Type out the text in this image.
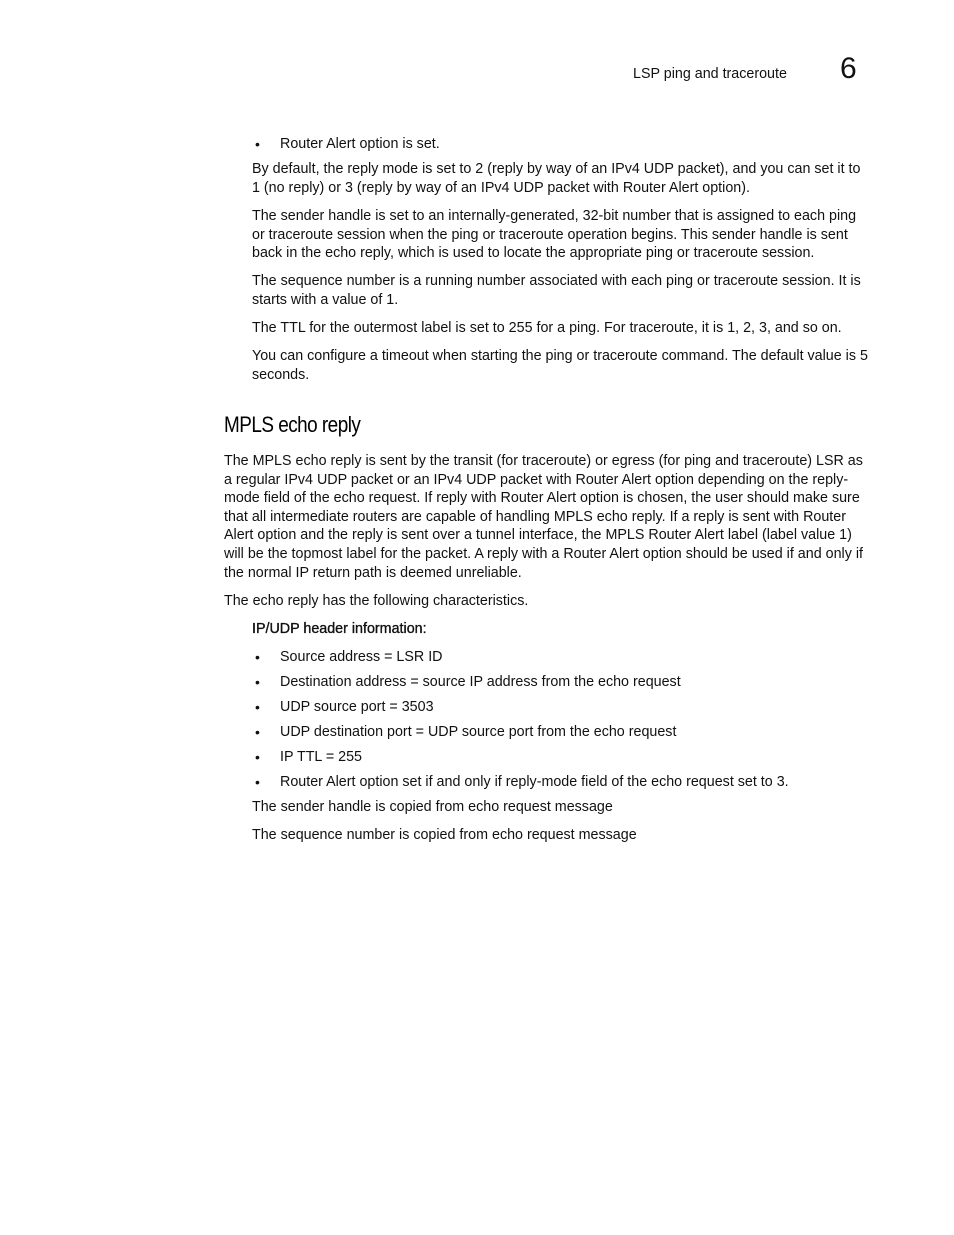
LSP ping and traceroute 6
•	Router Alert option is set.

By default, the reply mode is set to 2 (reply by way of an IPv4 UDP packet), and you can set it to 1 (no reply) or 3 (reply by way of an IPv4 UDP packet with Router Alert option).

The sender handle is set to an internally-generated, 32-bit number that is assigned to each ping or traceroute session when the ping or traceroute operation begins. This sender handle is sent back in the echo reply, which is used to locate the appropriate ping or traceroute session.

The sequence number is a running number associated with each ping or traceroute session. It is starts with a value of 1.

The TTL for the outermost label is set to 255 for a ping. For traceroute, it is 1, 2, 3, and so on.

You can configure a timeout when starting the ping or traceroute command. The default value is 5 seconds.

MPLS echo reply

The MPLS echo reply is sent by the transit (for traceroute) or egress (for ping and traceroute) LSR as a regular IPv4 UDP packet or an IPv4 UDP packet with Router Alert option depending on the reply-mode field of the echo request. If reply with Router Alert option is chosen, the user should make sure that all intermediate routers are capable of handling MPLS echo reply. If a reply is sent with Router Alert option and the reply is sent over a tunnel interface, the MPLS Router Alert label (label value 1) will be the topmost label for the packet. A reply with a Router Alert option should be used if and only if the normal IP return path is deemed unreliable.

The echo reply has the following characteristics.

IP/UDP header information:
•	Source address = LSR ID
•	Destination address = source IP address from the echo request
•	UDP source port = 3503
•	UDP destination port = UDP source port from the echo request
•	IP TTL = 255
•	Router Alert option set if and only if reply-mode field of the echo request set to 3.

The sender handle is copied from echo request message

The sequence number is copied from echo request message
